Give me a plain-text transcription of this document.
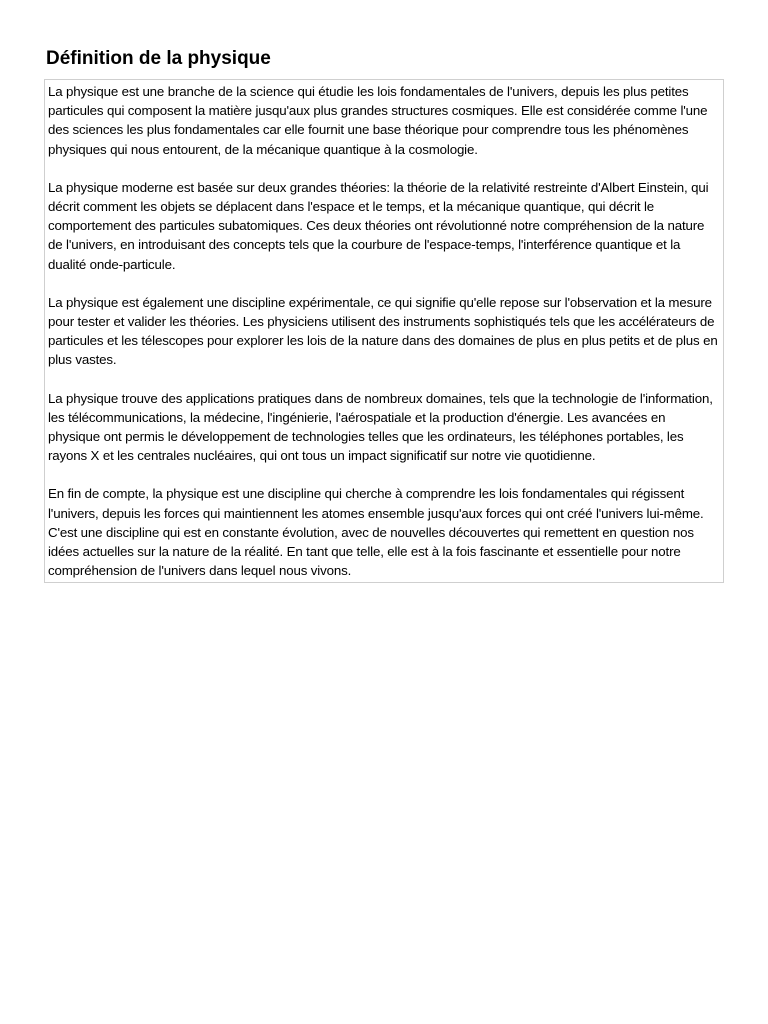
Définition de la physique

La physique est une branche de la science qui étudie les lois fondamentales de l'univers, depuis les plus petites particules qui composent la matière jusqu'aux plus grandes structures cosmiques. Elle est considérée comme l'une des sciences les plus fondamentales car elle fournit une base théorique pour comprendre tous les phénomènes physiques qui nous entourent, de la mécanique quantique à la cosmologie.

La physique moderne est basée sur deux grandes théories: la théorie de la relativité restreinte d'Albert Einstein, qui décrit comment les objets se déplacent dans l'espace et le temps, et la mécanique quantique, qui décrit le comportement des particules subatomiques. Ces deux théories ont révolutionné notre compréhension de la nature de l'univers, en introduisant des concepts tels que la courbure de l'espace-temps, l'interférence quantique et la dualité onde-particule.

La physique est également une discipline expérimentale, ce qui signifie qu'elle repose sur l'observation et la mesure pour tester et valider les théories. Les physiciens utilisent des instruments sophistiqués tels que les accélérateurs de particules et les télescopes pour explorer les lois de la nature dans des domaines de plus en plus petits et de plus en plus vastes.

La physique trouve des applications pratiques dans de nombreux domaines, tels que la technologie de l'information, les télécommunications, la médecine, l'ingénierie, l'aérospatiale et la production d'énergie. Les avancées en physique ont permis le développement de technologies telles que les ordinateurs, les téléphones portables, les rayons X et les centrales nucléaires, qui ont tous un impact significatif sur notre vie quotidienne.

En fin de compte, la physique est une discipline qui cherche à comprendre les lois fondamentales qui régissent l'univers, depuis les forces qui maintiennent les atomes ensemble jusqu'aux forces qui ont créé l'univers lui-même. C'est une discipline qui est en constante évolution, avec de nouvelles découvertes qui remettent en question nos idées actuelles sur la nature de la réalité. En tant que telle, elle est à la fois fascinante et essentielle pour notre compréhension de l'univers dans lequel nous vivons.
